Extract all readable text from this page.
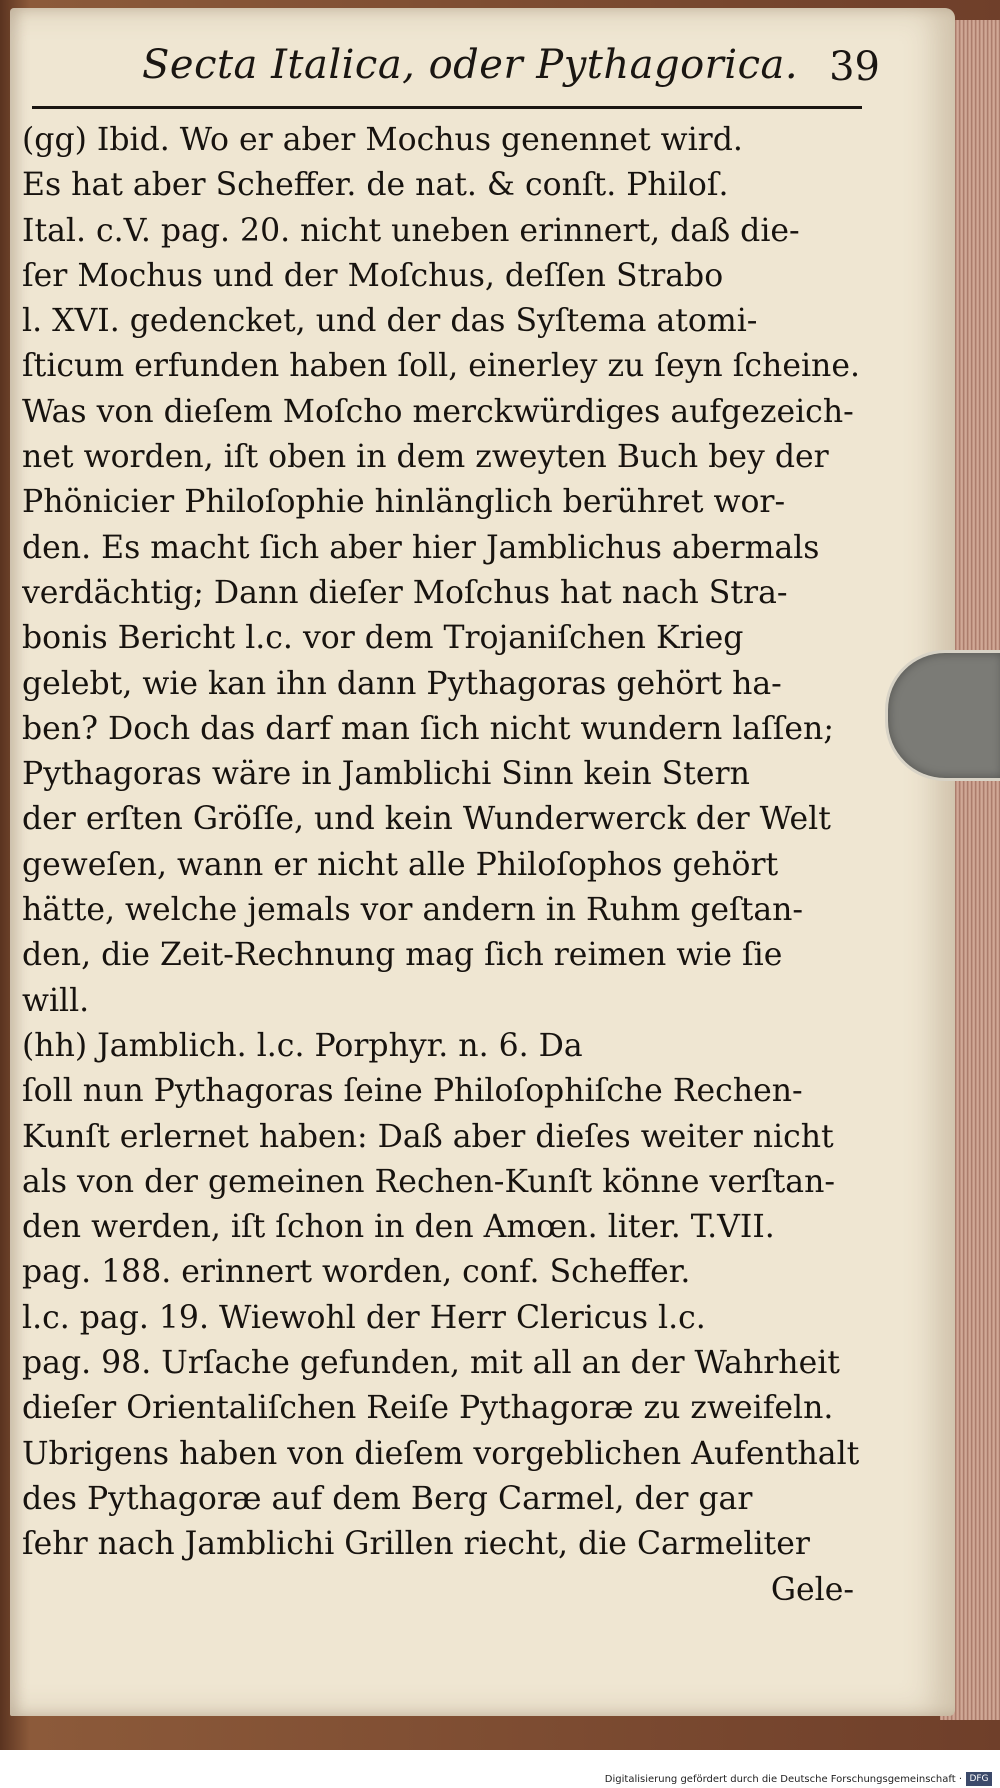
Secta Italica, oder Pythagorica. 39
(gg) Ibid. Wo er aber Mochus genennet wird.
Es hat aber Scheffer. de nat. & conſt. Philoſ.
Ital. c.V. pag. 20. nicht uneben erinnert, daß die-
ſer Mochus und der Moſchus, deſſen Strabo
l. XVI. gedencket, und der das Syſtema atomi-
ſticum erfunden haben ſoll, einerley zu ſeyn ſcheine.
Was von dieſem Moſcho merckwürdiges aufgezeich-
net worden, iſt oben in dem zweyten Buch bey der
Phönicier Philoſophie hinlänglich berühret wor-
den. Es macht ſich aber hier Jamblichus abermals
verdächtig; Dann dieſer Moſchus hat nach Stra-
bonis Bericht l.c. vor dem Trojaniſchen Krieg
gelebt, wie kan ihn dann Pythagoras gehört ha-
ben? Doch das darf man ſich nicht wundern laſſen;
Pythagoras wäre in Jamblichi Sinn kein Stern
der erſten Gröſſe, und kein Wunderwerck der Welt
geweſen, wann er nicht alle Philoſophos gehört
hätte, welche jemals vor andern in Ruhm geſtan-
den, die Zeit-Rechnung mag ſich reimen wie ſie
will.
(hh) Jamblich. l.c. Porphyr. n. 6. Da
ſoll nun Pythagoras ſeine Philoſophiſche Rechen-
Kunſt erlernet haben: Daß aber dieſes weiter nicht
als von der gemeinen Rechen-Kunſt könne verſtan-
den werden, iſt ſchon in den Amœn. liter. T.VII.
pag. 188. erinnert worden, conf. Scheffer.
l.c. pag. 19. Wiewohl der Herr Clericus l.c.
pag. 98. Urſache gefunden, mit all an der Wahrheit
dieſer Orientaliſchen Reiſe Pythagoræ zu zweifeln.
Ubrigens haben von dieſem vorgeblichen Aufenthalt
des Pythagoræ auf dem Berg Carmel, der gar
ſehr nach Jamblichi Grillen riecht, die Carmeliter
Gele-
Digitalisierung gefördert durch die Deutsche Forschungsgemeinschaft · DFG
